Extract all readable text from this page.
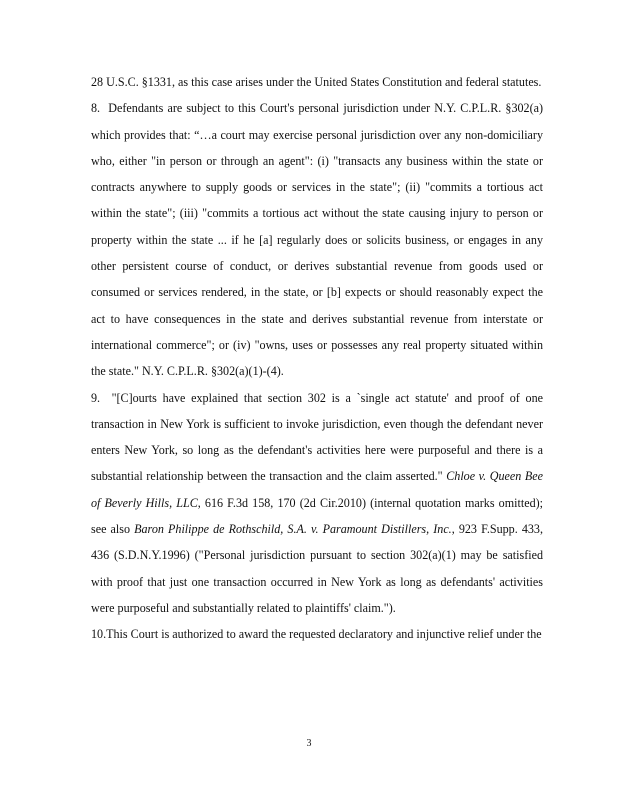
28 U.S.C. §1331, as this case arises under the United States Constitution and federal statutes.

8. Defendants are subject to this Court's personal jurisdiction under N.Y. C.P.L.R. §302(a) which provides that: “…a court may exercise personal jurisdiction over any non-domiciliary who, either "in person or through an agent": (i) "transacts any business within the state or contracts anywhere to supply goods or services in the state"; (ii) "commits a tortious act within the state"; (iii) "commits a tortious act without the state causing injury to person or property within the state ... if he [a] regularly does or solicits business, or engages in any other persistent course of conduct, or derives substantial revenue from goods used or consumed or services rendered, in the state, or [b] expects or should reasonably expect the act to have consequences in the state and derives substantial revenue from interstate or international commerce"; or (iv) "owns, uses or possesses any real property situated within the state." N.Y. C.P.L.R. §302(a)(1)-(4).

9. "[C]ourts have explained that section 302 is a `single act statute' and proof of one transaction in New York is sufficient to invoke jurisdiction, even though the defendant never enters New York, so long as the defendant's activities here were purposeful and there is a substantial relationship between the transaction and the claim asserted." Chloe v. Queen Bee of Beverly Hills, LLC, 616 F.3d 158, 170 (2d Cir.2010) (internal quotation marks omitted); see also Baron Philippe de Rothschild, S.A. v. Paramount Distillers, Inc., 923 F.Supp. 433, 436 (S.D.N.Y.1996) ("Personal jurisdiction pursuant to section 302(a)(1) may be satisfied with proof that just one transaction occurred in New York as long as defendants' activities were purposeful and substantially related to plaintiffs' claim.").

10.This Court is authorized to award the requested declaratory and injunctive relief under the

3
